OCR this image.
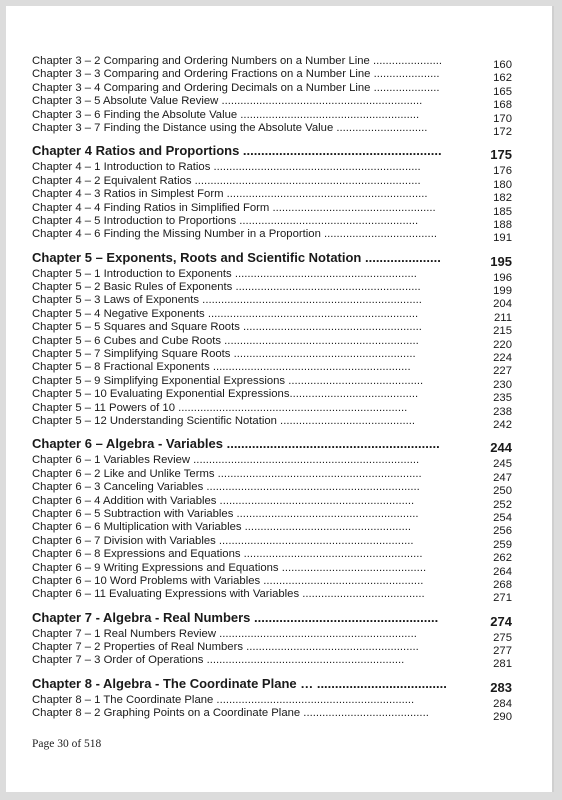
Chapter 3 – 2 Comparing and Ordering Numbers on a Number Line ......................	160
Chapter 3 – 3 Comparing and Ordering Fractions on a Number Line .....................	162
Chapter 3 – 4 Comparing and Ordering Decimals on a Number Line .....................	165
Chapter 3 – 5 Absolute Value Review ................................................................	168
Chapter 3 – 6 Finding the Absolute Value .........................................................	170
Chapter 3 – 7 Finding the Distance using the Absolute Value .............................	172
Chapter 4 Ratios and Proportions .......................................................	175
Chapter 4 – 1 Introduction to Ratios ..................................................................	176
Chapter 4 – 2 Equivalent Ratios ........................................................................	180
Chapter 4 – 3 Ratios in Simplest Form ................................................................	182
Chapter 4 – 4 Finding Ratios in Simplified Form ....................................................	185
Chapter 4 – 5 Introduction to Proportions .........................................................	188
Chapter 4 – 6 Finding the Missing Number in a Proportion ....................................	191
Chapter 5 – Exponents, Roots and Scientific Notation .....................	195
Chapter 5 – 1 Introduction to Exponents ..........................................................	196
Chapter 5 – 2 Basic Rules of Exponents ...........................................................	199
Chapter 5 – 3 Laws of Exponents ......................................................................	204
Chapter 5 – 4 Negative Exponents ...................................................................	211
Chapter 5 – 5 Squares and Square Roots .........................................................	215
Chapter 5 – 6 Cubes and Cube Roots ..............................................................	220
Chapter 5 – 7 Simplifying Square Roots ..........................................................	224
Chapter 5 – 8 Fractional Exponents ...............................................................	227
Chapter 5 – 9 Simplifying Exponential Expressions ...........................................	230
Chapter 5 – 10 Evaluating Exponential Expressions.........................................	235
Chapter 5 – 11 Powers of 10 .........................................................................	238
Chapter 5 – 12 Understanding Scientific Notation ...........................................	242
Chapter 6 – Algebra - Variables ...........................................................	244
Chapter 6 – 1 Variables Review ........................................................................	245
Chapter 6 – 2 Like and Unlike Terms .................................................................	247
Chapter 6 – 3 Canceling Variables ....................................................................	250
Chapter 6 – 4 Addition with Variables ..............................................................	252
Chapter 6 – 5 Subtraction with Variables ..........................................................	254
Chapter 6 – 6 Multiplication with Variables .....................................................	256
Chapter 6 – 7 Division with Variables ..............................................................	259
Chapter 6 – 8 Expressions and Equations .........................................................	262
Chapter 6 – 9 Writing Expressions and Equations ..............................................	264
Chapter 6 – 10 Word Problems with Variables ...................................................	268
Chapter 6 – 11 Evaluating Expressions with Variables .......................................	271
Chapter 7 - Algebra - Real Numbers ...................................................	274
Chapter 7 – 1 Real Numbers Review ...............................................................	275
Chapter 7 – 2 Properties of Real Numbers .......................................................	277
Chapter 7 – 3 Order of Operations ...............................................................	281
Chapter 8 - Algebra - The Coordinate Plane … ....................................	283
Chapter 8 – 1 The Coordinate Plane ...............................................................	284
Chapter 8 – 2 Graphing Points on a Coordinate Plane ........................................	290
Page 30 of 518
